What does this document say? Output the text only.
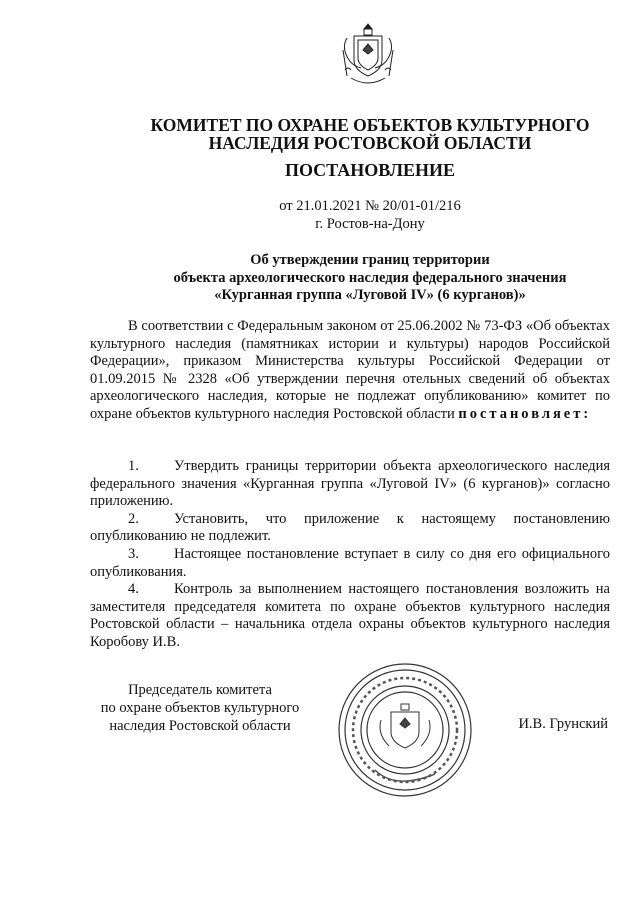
КОМИТЕТ ПО ОХРАНЕ ОБЪЕКТОВ КУЛЬТУРНОГО
НАСЛЕДИЯ РОСТОВСКОЙ ОБЛАСТИ
ПОСТАНОВЛЕНИЕ
от 21.01.2021 № 20/01-01/216
г. Ростов-на-Дону
Об утверждении границ территории
объекта археологического наследия федерального значения
«Курганная группа «Луговой IV» (6 курганов)»

В соответствии с Федеральным законом от 25.06.2002 № 73-ФЗ «Об объектах культурного наследия (памятниках истории и культуры) народов Российской Федерации», приказом Министерства культуры Российской Федерации от 01.09.2015 № 2328 «Об утверждении перечня отельных сведений об объектах археологического наследия, которые не подлежат опубликованию» комитет по охране объектов культурного наследия Ростовской области постановляет:

1. Утвердить границы территории объекта археологического наследия федерального значения «Курганная группа «Луговой IV» (6 курганов)» согласно приложению.

2. Установить, что приложение к настоящему постановлению опубликованию не подлежит.

3. Настоящее постановление вступает в силу со дня его официального опубликования.

4. Контроль за выполнением настоящего постановления возложить на заместителя председателя комитета по охране объектов культурного наследия Ростовской области – начальника отдела охраны объектов культурного наследия Коробову И.В.

Председатель комитета
по охране объектов культурного
наследия Ростовской области	И.В. Грунский
